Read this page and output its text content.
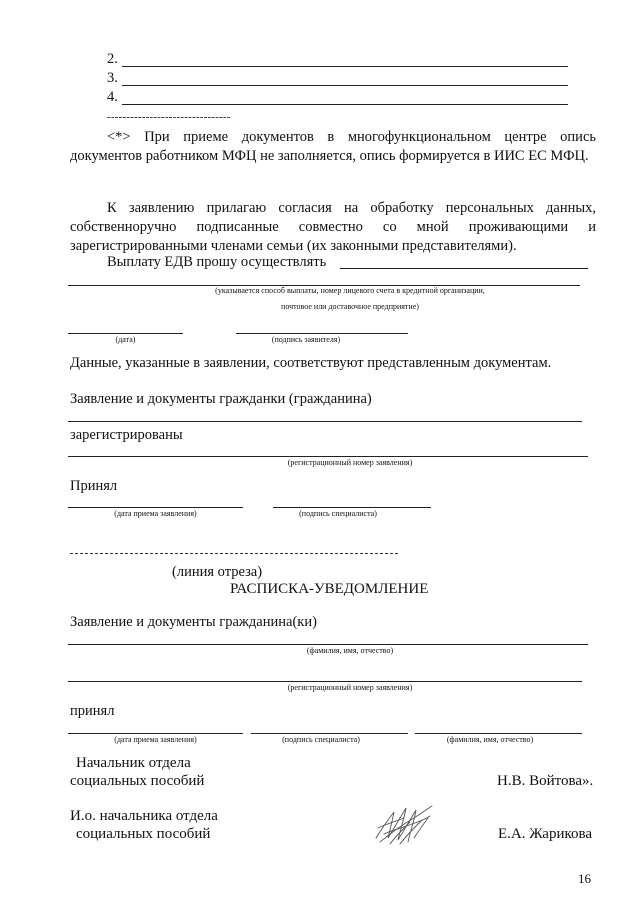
2.
3.
4.
--------------------------------
<*> При приеме документов в многофункциональном центре опись документов работником МФЦ не заполняется, опись формируется в ИИС ЕС МФЦ.
К заявлению прилагаю согласия на обработку персональных данных,
собственноручно подписанные совместно со мной проживающими и
зарегистрированными членами семьи (их законными представителями).
Выплату ЕДВ прошу осуществлять
(указывается способ выплаты, номер лицевого счета в кредитной организации,
почтовое или доставочное предприятие)
(дата)	(подпись заявителя)
Данные, указанные в заявлении, соответствуют представленным документам.
Заявление и документы гражданки (гражданина)
зарегистрированы
(регистрационный номер заявления)
Принял
(дата приема заявления)	(подпись специалиста)
(линия отреза)
РАСПИСКА-УВЕДОМЛЕНИЕ
Заявление и документы гражданина(ки)
(фамилия, имя, отчество)
(регистрационный номер заявления)
принял
(дата приема заявления)	(подпись специалиста)	(фамилия, имя, отчество)
Начальник отдела
социальных пособий	Н.В. Войтова».
И.о. начальника отдела
социальных пособий	Е.А. Жарикова
16
